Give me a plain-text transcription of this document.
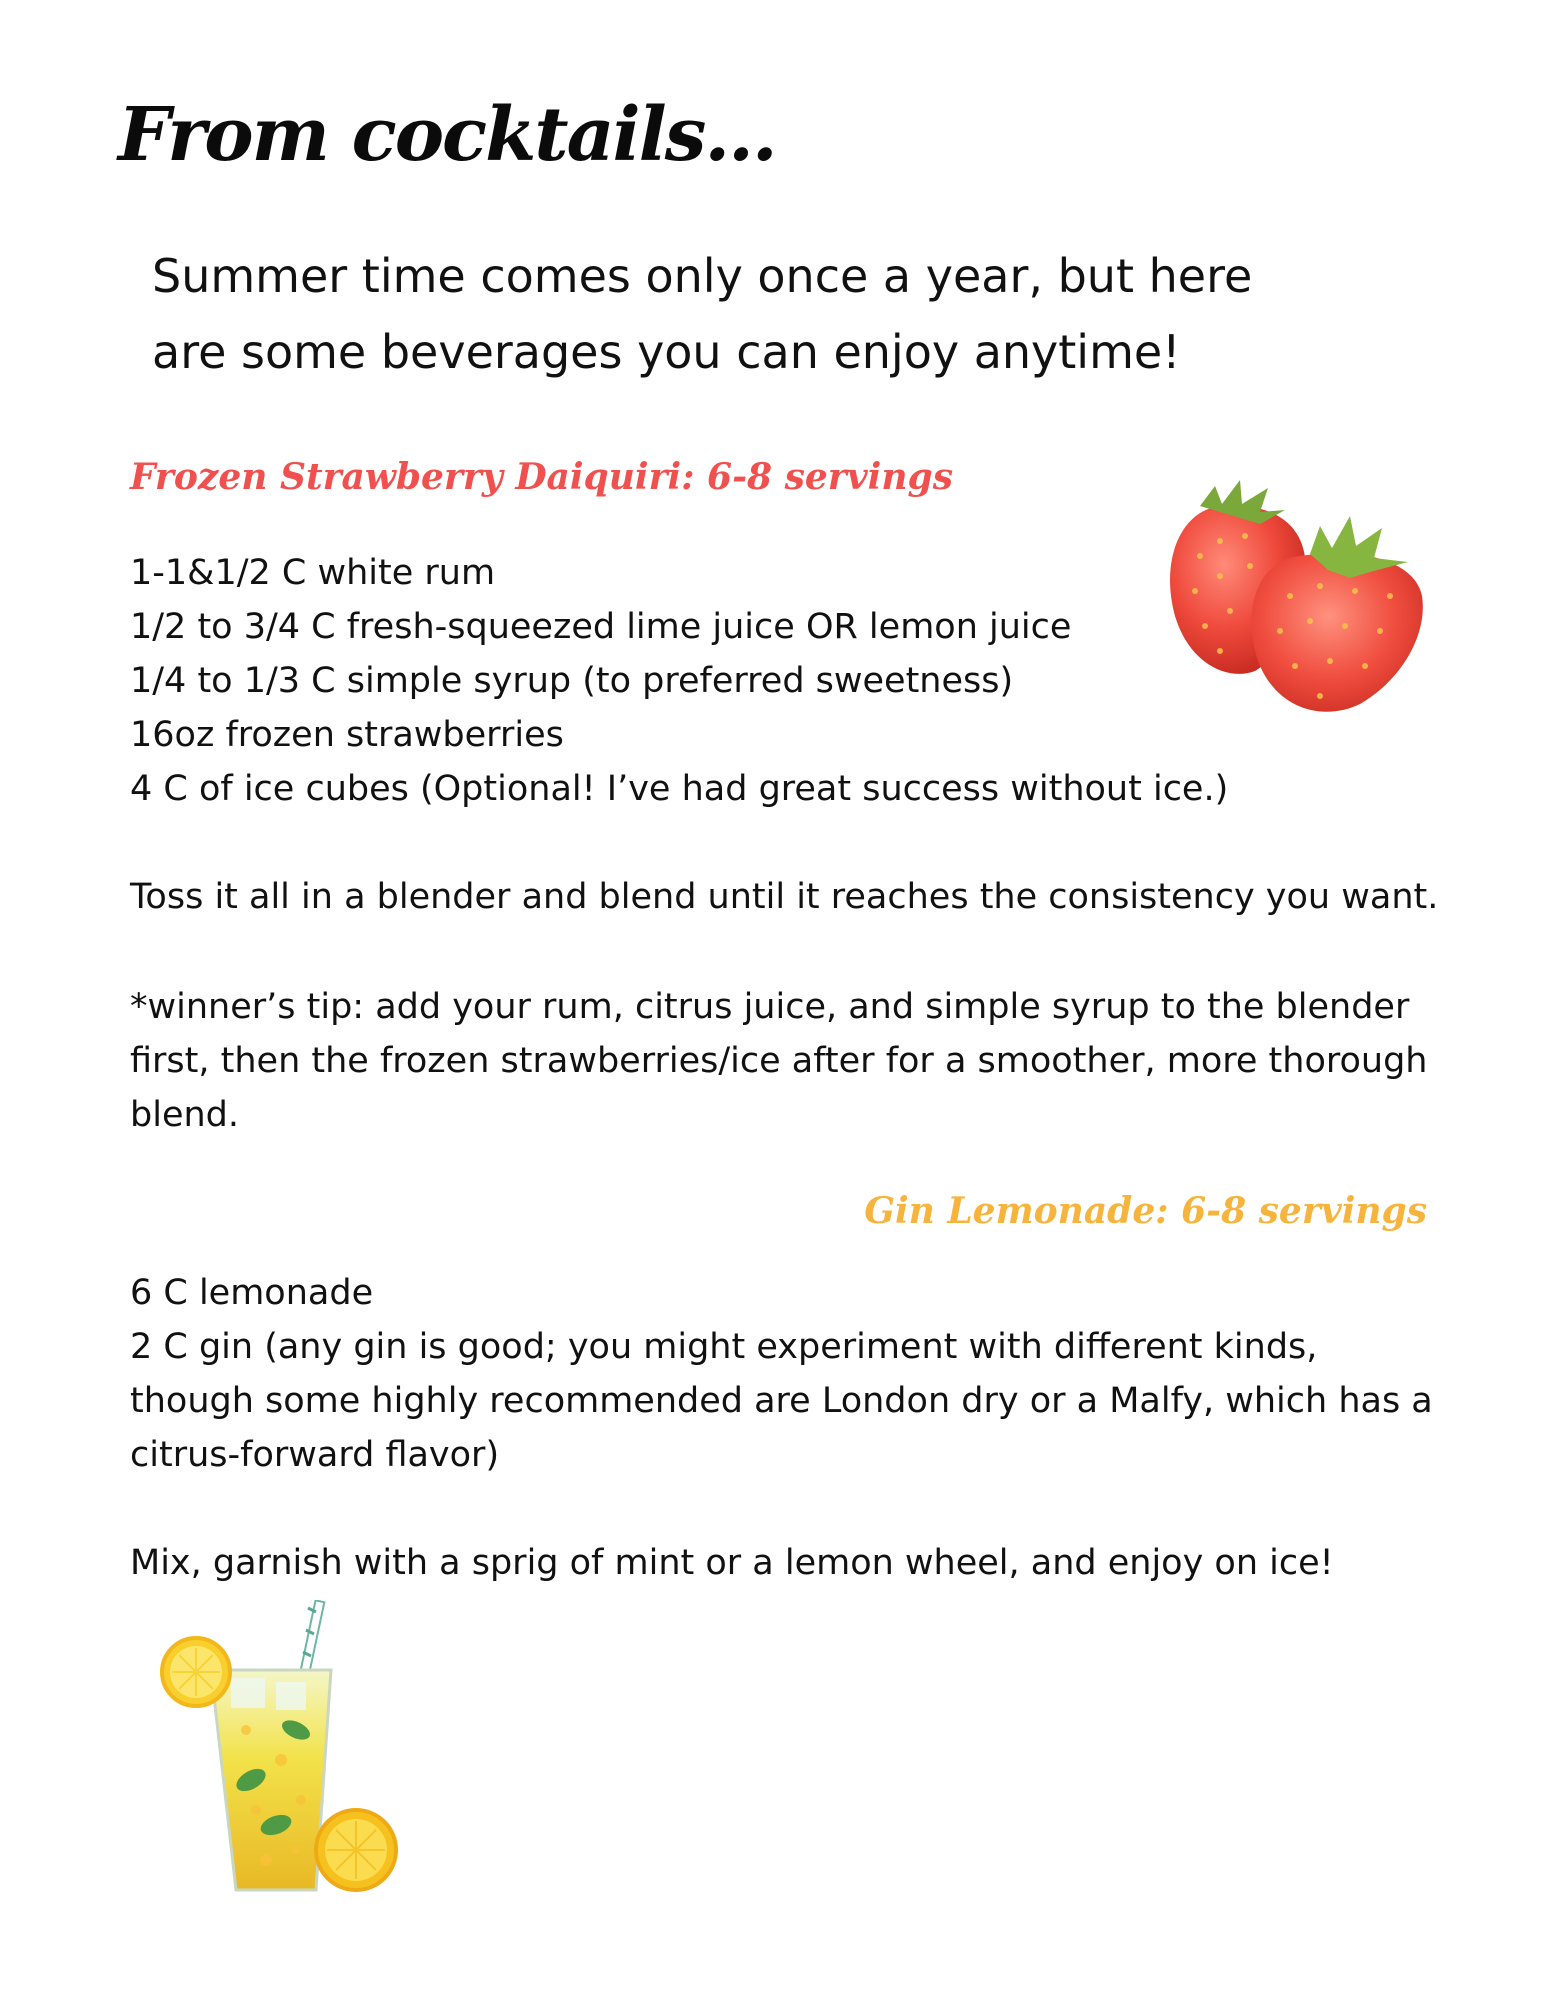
From cocktails...
Summer time comes only once a year, but here
are some beverages you can enjoy anytime!
Frozen Strawberry Daiquiri: 6-8 servings
1-1&1/2 C white rum
1/2 to 3/4 C fresh-squeezed lime juice OR lemon juice
1/4 to 1/3 C simple syrup (to preferred sweetness)
16oz frozen strawberries
4 C of ice cubes (Optional! I’ve had great success without ice.)

Toss it all in a blender and blend until it reaches the consistency you want.

*winner’s tip: add your rum, citrus juice, and simple syrup to the blender
first, then the frozen strawberries/ice after for a smoother, more thorough
blend.

Gin Lemonade: 6-8 servings

6 C lemonade
2 C gin (any gin is good; you might experiment with different kinds,
though some highly recommended are London dry or a Malfy, which has a
citrus-forward flavor)

Mix, garnish with a sprig of mint or a lemon wheel, and enjoy on ice!
